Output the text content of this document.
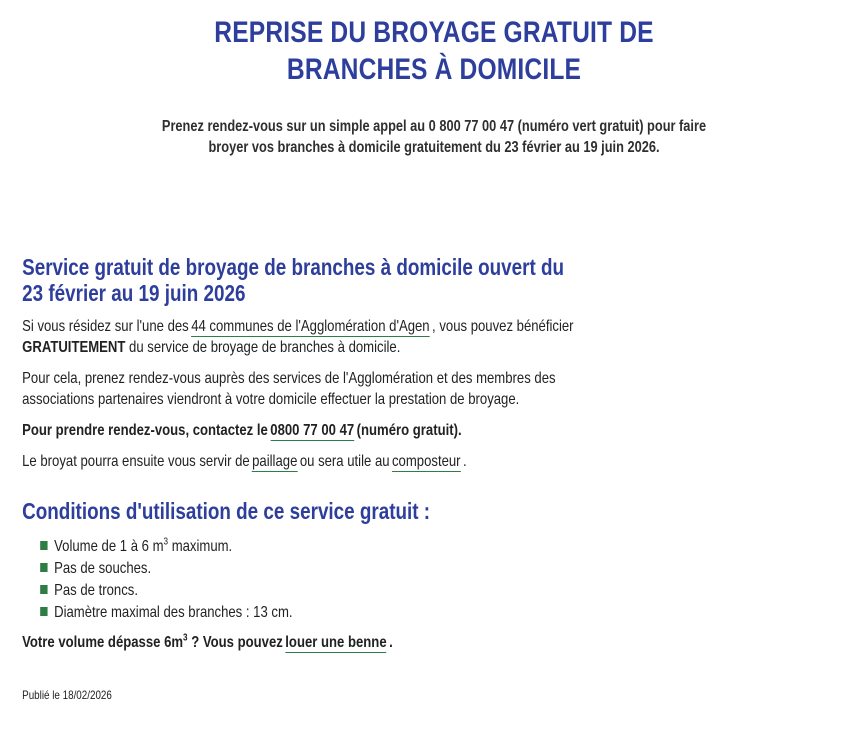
REPRISE DU BROYAGE GRATUIT DE BRANCHES À DOMICILE

Prenez rendez-vous sur un simple appel au 0 800 77 00 47 (numéro vert gratuit) pour faire broyer vos branches à domicile gratuitement du 23 février au 19 juin 2026.

Service gratuit de broyage de branches à domicile ouvert du 23 février au 19 juin 2026

Si vous résidez sur l'une des 44 communes de l'Agglomération d'Agen , vous pouvez bénéficier GRATUITEMENT du service de broyage de branches à domicile.

Pour cela, prenez rendez-vous auprès des services de l'Agglomération et des membres des associations partenaires viendront à votre domicile effectuer la prestation de broyage.

Pour prendre rendez-vous, contactez le 0800 77 00 47 (numéro gratuit).

Le broyat pourra ensuite vous servir de paillage ou sera utile au composteur .

Conditions d'utilisation de ce service gratuit :
Volume de 1 à 6 $m^3$ maximum.
Pas de souches.
Pas de troncs.
Diamètre maximal des branches : 13 cm.

Votre volume dépasse $6m^3$ ? Vous pouvez louer une benne .

Publié le 18/02/2026
